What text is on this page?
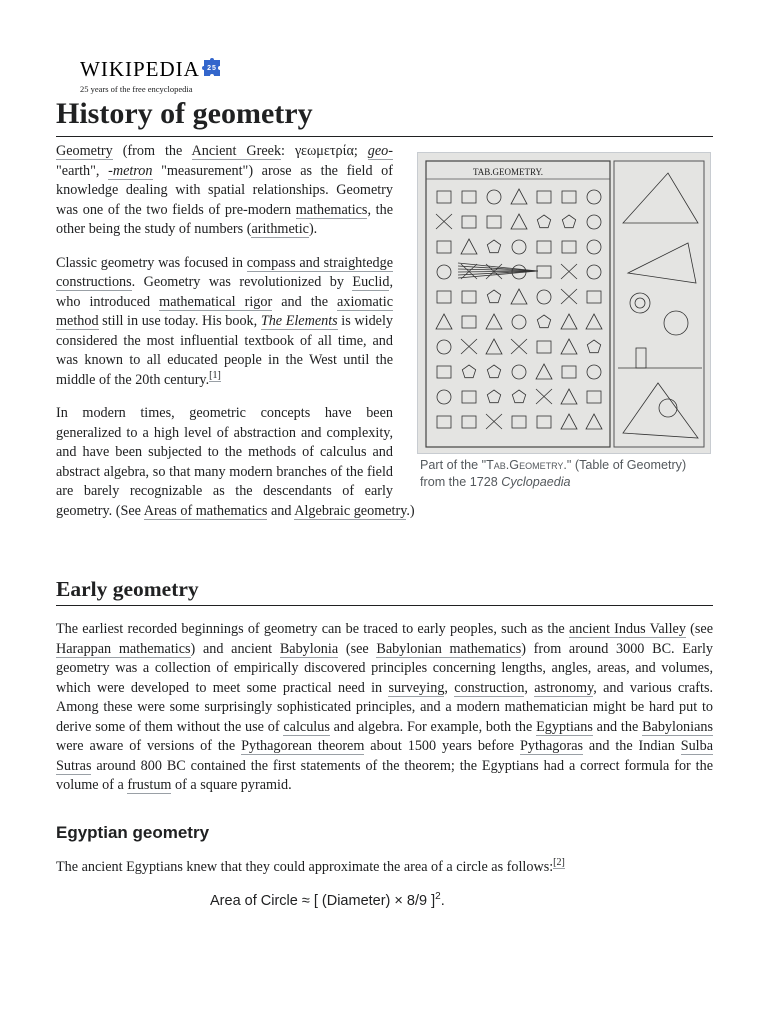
WIKIPEDIA 25
25 years of the free encyclopedia
History of geometry
TAB.GEOMETRY.
Part of the "Tab.Geometry." (Table of Geometry) from the 1728 Cyclopaedia

Geometry (from the Ancient Greek: γεωμετρία; geo- "earth", -metron "measurement") arose as the field of knowledge dealing with spatial relationships. Geometry was one of the two fields of pre-modern mathematics, the other being the study of numbers (arithmetic).

Classic geometry was focused in compass and straightedge constructions. Geometry was revolutionized by Euclid, who introduced mathematical rigor and the axiomatic method still in use today. His book, The Elements is widely considered the most influential textbook of all time, and was known to all educated people in the West until the middle of the 20th century.[1]

In modern times, geometric concepts have been generalized to a high level of abstraction and complexity, and have been subjected to the methods of calculus and abstract algebra, so that many modern branches of the field are barely recognizable as the descendants of early geometry. (See Areas of mathematics and Algebraic geometry.)

Early geometry

The earliest recorded beginnings of geometry can be traced to early peoples, such as the ancient Indus Valley (see Harappan mathematics) and ancient Babylonia (see Babylonian mathematics) from around 3000 BC. Early geometry was a collection of empirically discovered principles concerning lengths, angles, areas, and volumes, which were developed to meet some practical need in surveying, construction, astronomy, and various crafts. Among these were some surprisingly sophisticated principles, and a modern mathematician might be hard put to derive some of them without the use of calculus and algebra. For example, both the Egyptians and the Babylonians were aware of versions of the Pythagorean theorem about 1500 years before Pythagoras and the Indian Sulba Sutras around 800 BC contained the first statements of the theorem; the Egyptians had a correct formula for the volume of a frustum of a square pyramid.

Egyptian geometry

The ancient Egyptians knew that they could approximate the area of a circle as follows:[2]

Area of Circle ≈ [ (Diameter) × 8/9 ]$^2$.
